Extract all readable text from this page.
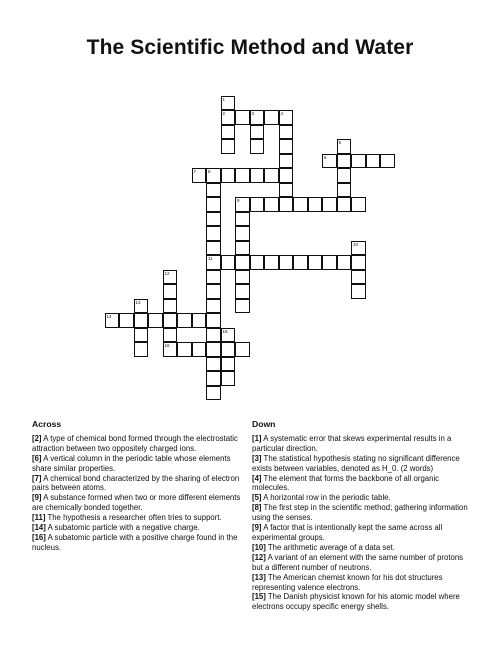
The Scientific Method and Water
1
2	3	4
5
6
7	8
11
9
10
12
16
13
14
15
Across

[2] A type of chemical bond formed through the electrostatic attraction between two oppositely charged ions.

[6] A vertical column in the periodic table whose elements share similar properties.

[7] A chemical bond characterized by the sharing of electron pairs between atoms.

[9] A substance formed when two or more different elements are chemically bonded together.

[11] The hypothesis a researcher often tries to support.

[14] A subatomic particle with a negative charge.

[16] A subatomic particle with a positive charge found in the nucleus.

Down

[1] A systematic error that skews experimental results in a particular direction.

[3] The statistical hypothesis stating no significant difference exists between variables, denoted as H_0. (2 words)

[4] The element that forms the backbone of all organic molecules.

[5] A horizontal row in the periodic table.

[8] The first step in the scientific method; gathering information using the senses.

[9] A factor that is intentionally kept the same across all experimental groups.

[10] The arithmetic average of a data set.

[12] A variant of an element with the same number of protons but a different number of neutrons.

[13] The American chemist known for his dot structures representing valence electrons.

[15] The Danish physicist known for his atomic model where electrons occupy specific energy shells.
